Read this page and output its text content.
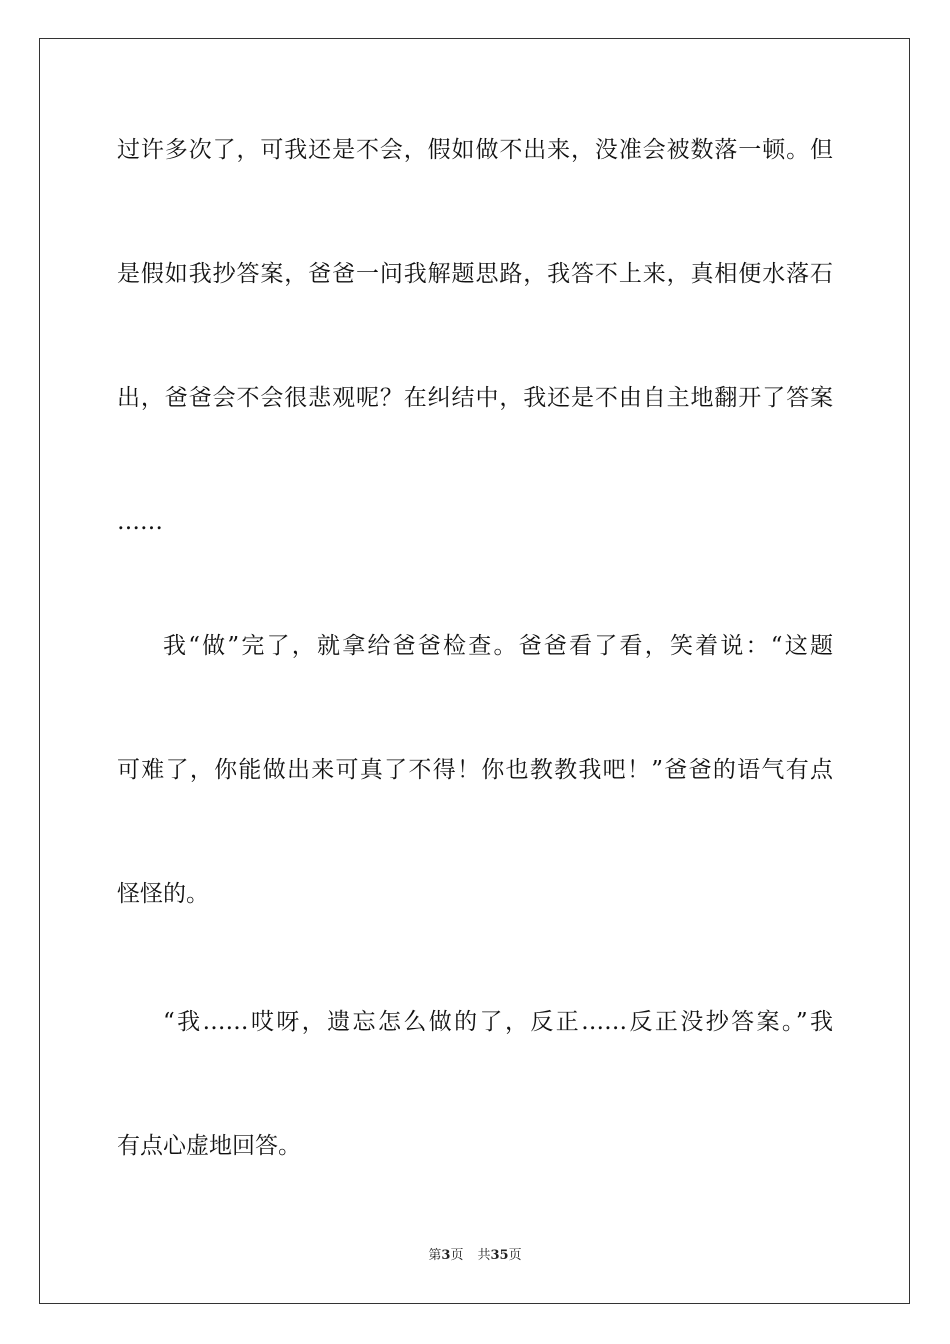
过许多次了，可我还是不会，假如做不出来，没准会被数落一顿。但
是假如我抄答案，爸爸一问我解题思路，我答不上来，真相便水落石
出，爸爸会不会很悲观呢？在纠结中，我还是不由自主地翻开了答案
……
我“做”完了，就拿给爸爸检查。爸爸看了看，笑着说：“这题
可难了，你能做出来可真了不得！你也教教我吧！”爸爸的语气有点
怪怪的。
“我……哎呀，遗忘怎么做的了，反正……反正没抄答案。”我
有点心虚地回答。
第3页 共35页
